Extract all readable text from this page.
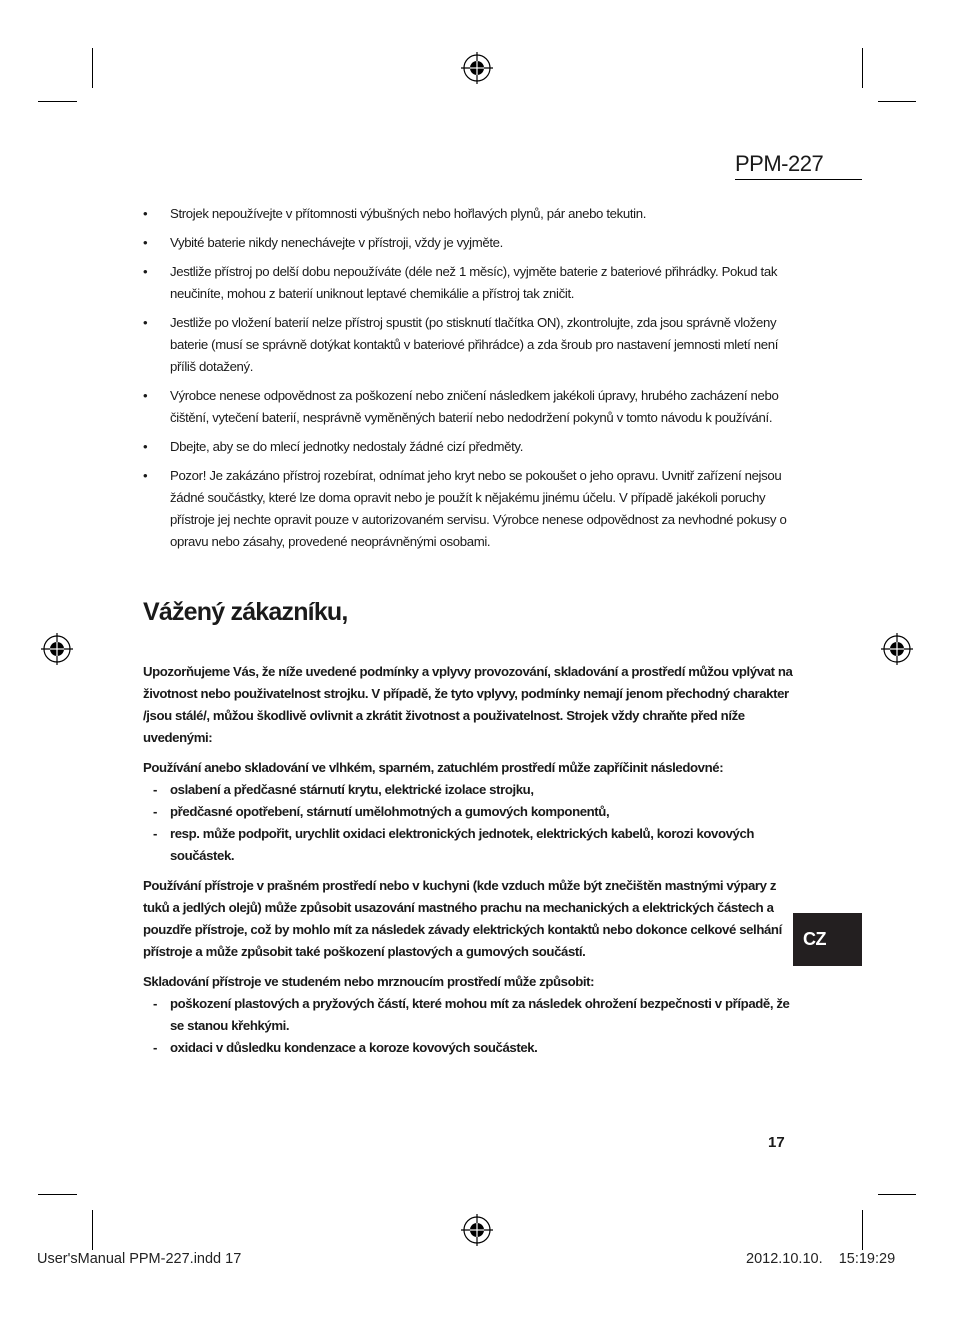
PPM-227
• Strojek nepoužívejte v přítomnosti výbušných nebo hořlavých plynů, pár anebo tekutin.
• Vybité baterie nikdy nenechávejte v přístroji, vždy je vyjměte.
• Jestliže přístroj po delší dobu nepoužíváte (déle než 1 měsíc), vyjměte baterie z bateriové přihrádky. Pokud tak neučiníte, mohou z baterií uniknout leptavé chemikálie a přístroj tak zničit.
• Jestliže po vložení baterií nelze přístroj spustit (po stisknutí tlačítka ON), zkontrolujte, zda jsou správně vloženy baterie (musí se správně dotýkat kontaktů v bateriové přihrádce) a zda šroub pro nastavení jemnosti mletí není příliš dotažený.
• Výrobce nenese odpovědnost za poškození nebo zničení následkem jakékoli úpravy, hrubého zacházení nebo čištění, vytečení baterií, nesprávně vyměněných baterií nebo nedodržení pokynů v tomto návodu k používání.
• Dbejte, aby se do mlecí jednotky nedostaly žádné cizí předměty.
• Pozor! Je zakázáno přístroj rozebírat, odnímat jeho kryt nebo se pokoušet o jeho opravu. Uvnitř zařízení nejsou žádné součástky, které lze doma opravit nebo je použít k nějakému jinému účelu. V případě jakékoli poruchy přístroje jej nechte opravit pouze v autorizovaném servisu. Výrobce nenese odpovědnost za nevhodné pokusy o opravu nebo zásahy, provedené neoprávněnými osobami.
Vážený zákazníku,

Upozorňujeme Vás, že níže uvedené podmínky a vplyvy provozování, skladování a prostředí můžou vplývat na životnost nebo použivatelnost strojku. V případě, že tyto vplyvy, podmínky nemají jenom přechodný charakter /jsou stálé/, můžou škodlivě ovlivnit a zkrátit životnost a použivatelnost. Strojek vždy chraňte před níže uvedenými:

Používání anebo skladování ve vlhkém, sparném, zatuchlém prostředí může zapříčinit následovné:
- oslabení a předčasné stárnutí krytu, elektrické izolace strojku,
- předčasné opotřebení, stárnutí umělohmotných a gumových komponentů,
- resp. může podpořit, urychlit oxidaci elektronických jednotek, elektrických kabelů, korozi kovových součástek.

Používání přístroje v prašném prostředí nebo v kuchyni (kde vzduch může být znečištěn mastnými výpary z tuků a jedlých olejů) může způsobit usazování mastného prachu na mechanických a elektrických částech a pouzdře přístroje, což by mohlo mít za následek závady elektrických kontaktů nebo dokonce celkové selhání přístroje a může způsobit také poškození plastových a gumových součástí.

Skladování přístroje ve studeném nebo mrznoucím prostředí může způsobit:
- poškození plastových a pryžových částí, které mohou mít za následek ohrožení bezpečnosti v případě, že se stanou křehkými.
- oxidaci v důsledku kondenzace a koroze kovových součástek.
CZ
17
User'sManual PPM-227.indd 17	2012.10.10.    15:19:29
